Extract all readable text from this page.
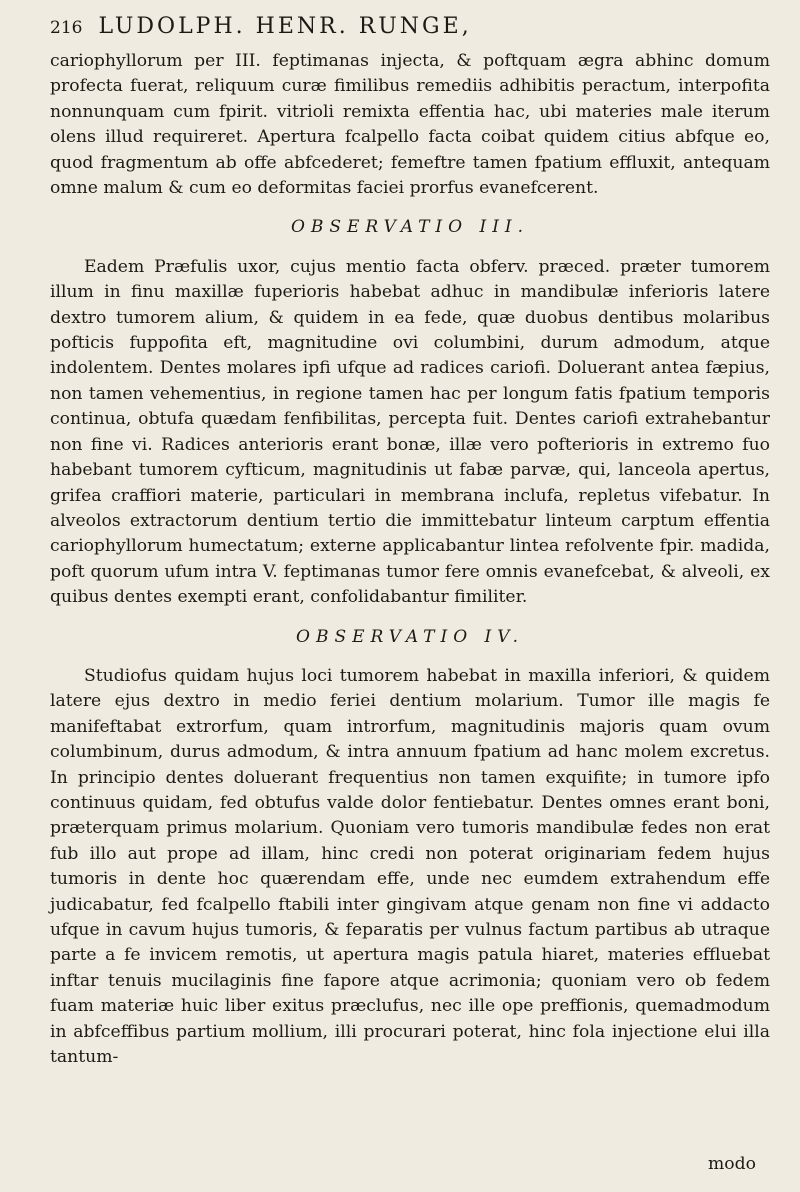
216 LUDOLPH. HENR. RUNGE,

cariophyllorum per III. feptimanas injecta, & poftquam ægra abhinc domum profecta fuerat, reliquum curæ fimilibus remediis adhibitis peractum, interpofita nonnunquam cum fpirit. vitrioli remixta effentia hac, ubi materies male iterum olens illud requireret. Apertura fcalpello facta coibat quidem citius abfque eo, quod fragmentum ab offe abfcederet; femeftre tamen fpatium effluxit, antequam omne malum & cum eo deformitas faciei prorfus evanefcerent.

OBSERVATIO III.

Eadem Præfulis uxor, cujus mentio facta obferv. præced. præter tumorem illum in finu maxillæ fuperioris habebat adhuc in mandibulæ inferioris latere dextro tumorem alium, & quidem in ea fede, quæ duobus dentibus molaribus pofticis fuppofita eft, magnitudine ovi columbini, durum admodum, atque indolentem. Dentes molares ipfi ufque ad radices cariofi. Doluerant antea fæpius, non tamen vehementius, in regione tamen hac per longum fatis fpatium temporis continua, obtufa quædam fenfibilitas, percepta fuit. Dentes cariofi extrahebantur non fine vi. Radices anterioris erant bonæ, illæ vero pofterioris in extremo fuo habebant tumorem cyfticum, magnitudinis ut fabæ parvæ, qui, lanceola apertus, grifea craffiori materie, particulari in membrana inclufa, repletus vifebatur. In alveolos extractorum dentium tertio die immittebatur linteum carptum effentia cariophyllorum humectatum; externe applicabantur lintea refolvente fpir. madida, poft quorum ufum intra V. feptimanas tumor fere omnis evanefcebat, & alveoli, ex quibus dentes exempti erant, confolidabantur fimiliter.

OBSERVATIO IV.

Studiofus quidam hujus loci tumorem habebat in maxilla inferiori, & quidem latere ejus dextro in medio feriei dentium molarium. Tumor ille magis fe manifeftabat extrorfum, quam introrfum, magnitudinis majoris quam ovum columbinum, durus admodum, & intra annuum fpatium ad hanc molem excretus. In principio dentes doluerant frequentius non tamen exquifite; in tumore ipfo continuus quidam, fed obtufus valde dolor fentiebatur. Dentes omnes erant boni, præterquam primus molarium. Quoniam vero tumoris mandibulæ fedes non erat fub illo aut prope ad illam, hinc credi non poterat originariam fedem hujus tumoris in dente hoc quærendam effe, unde nec eumdem extrahendum effe judicabatur, fed fcalpello ftabili inter gingivam atque genam non fine vi addacto ufque in cavum hujus tumoris, & feparatis per vulnus factum partibus ab utraque parte a fe invicem remotis, ut apertura magis patula hiaret, materies effluebat inftar tenuis mucilaginis fine fapore atque acrimonia; quoniam vero ob fedem fuam materiæ huic liber exitus præclufus, nec ille ope preffionis, quemadmodum in abfceffibus partium mollium, illi procurari poterat, hinc fola injectione elui illa tantum-

modo
